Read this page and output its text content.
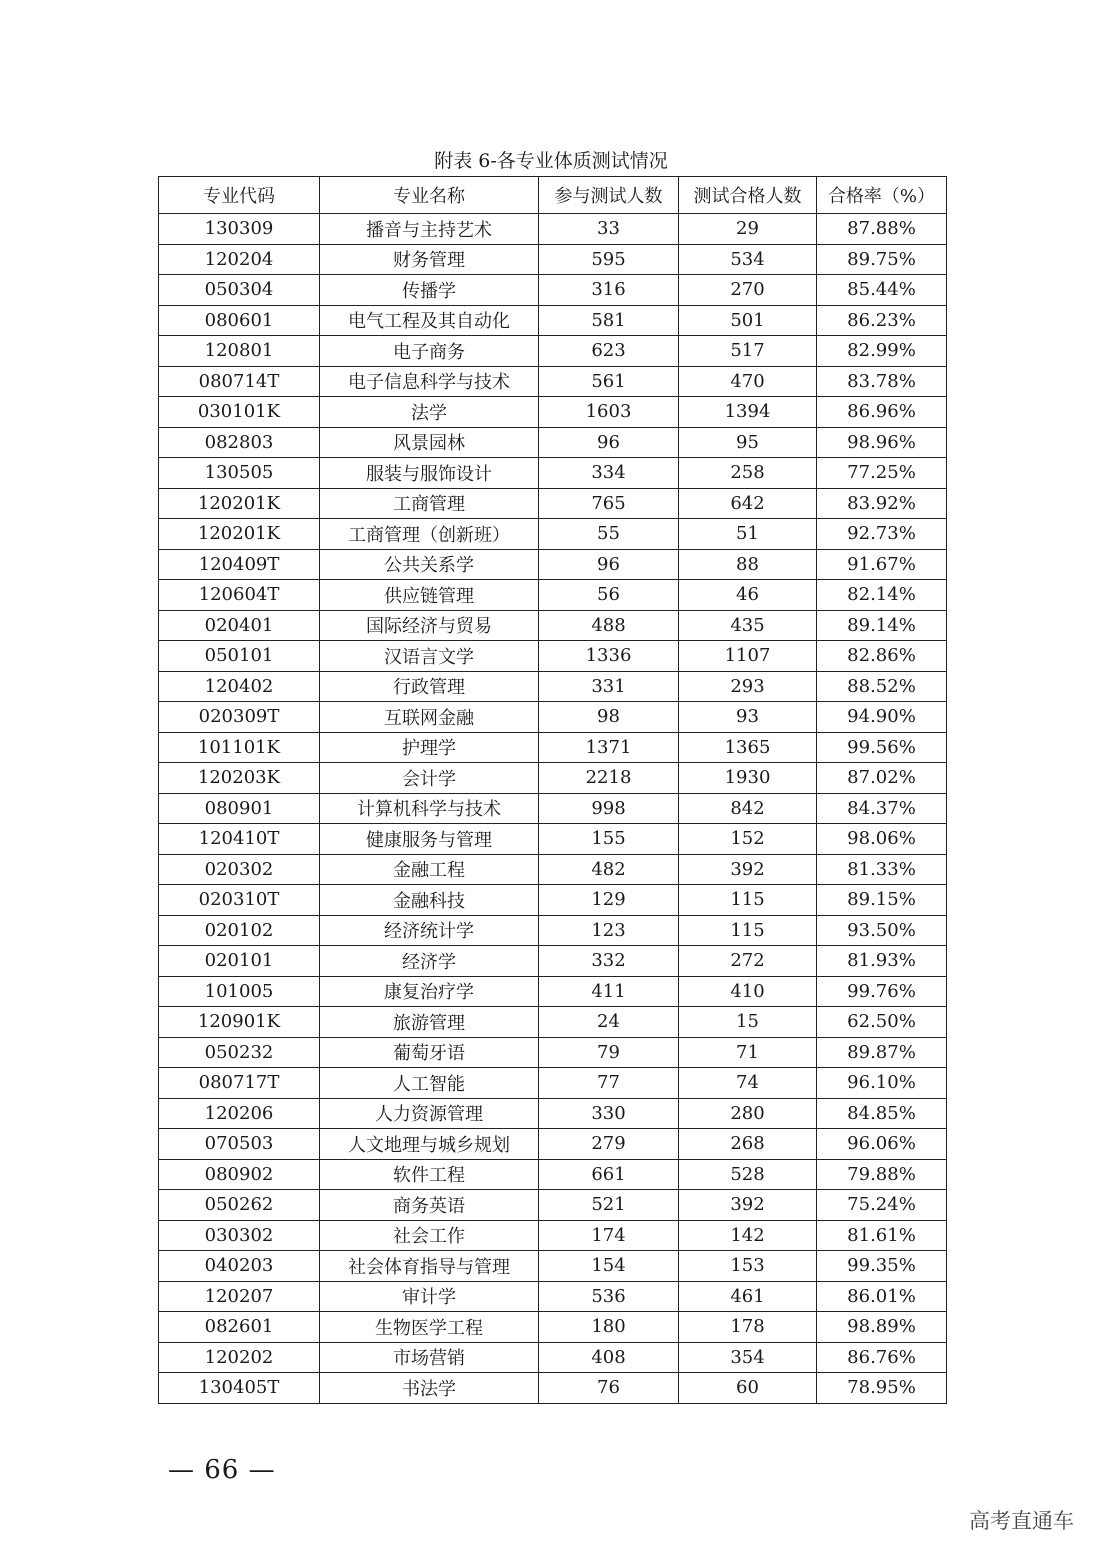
附表 6-各专业体质测试情况
专业代码	专业名称	参与测试人数	测试合格人数	合格率（%）
130309	播音与主持艺术	33	29	87.88%
120204	财务管理	595	534	89.75%
050304	传播学	316	270	85.44%
080601	电气工程及其自动化	581	501	86.23%
120801	电子商务	623	517	82.99%
080714T	电子信息科学与技术	561	470	83.78%
030101K	法学	1603	1394	86.96%
082803	风景园林	96	95	98.96%
130505	服装与服饰设计	334	258	77.25%
120201K	工商管理	765	642	83.92%
120201K	工商管理（创新班）	55	51	92.73%
120409T	公共关系学	96	88	91.67%
120604T	供应链管理	56	46	82.14%
020401	国际经济与贸易	488	435	89.14%
050101	汉语言文学	1336	1107	82.86%
120402	行政管理	331	293	88.52%
020309T	互联网金融	98	93	94.90%
101101K	护理学	1371	1365	99.56%
120203K	会计学	2218	1930	87.02%
080901	计算机科学与技术	998	842	84.37%
120410T	健康服务与管理	155	152	98.06%
020302	金融工程	482	392	81.33%
020310T	金融科技	129	115	89.15%
020102	经济统计学	123	115	93.50%
020101	经济学	332	272	81.93%
101005	康复治疗学	411	410	99.76%
120901K	旅游管理	24	15	62.50%
050232	葡萄牙语	79	71	89.87%
080717T	人工智能	77	74	96.10%
120206	人力资源管理	330	280	84.85%
070503	人文地理与城乡规划	279	268	96.06%
080902	软件工程	661	528	79.88%
050262	商务英语	521	392	75.24%
030302	社会工作	174	142	81.61%
040203	社会体育指导与管理	154	153	99.35%
120207	审计学	536	461	86.01%
082601	生物医学工程	180	178	98.89%
120202	市场营销	408	354	86.76%
130405T	书法学	76	60	78.95%
— 66 —
高考直通车
